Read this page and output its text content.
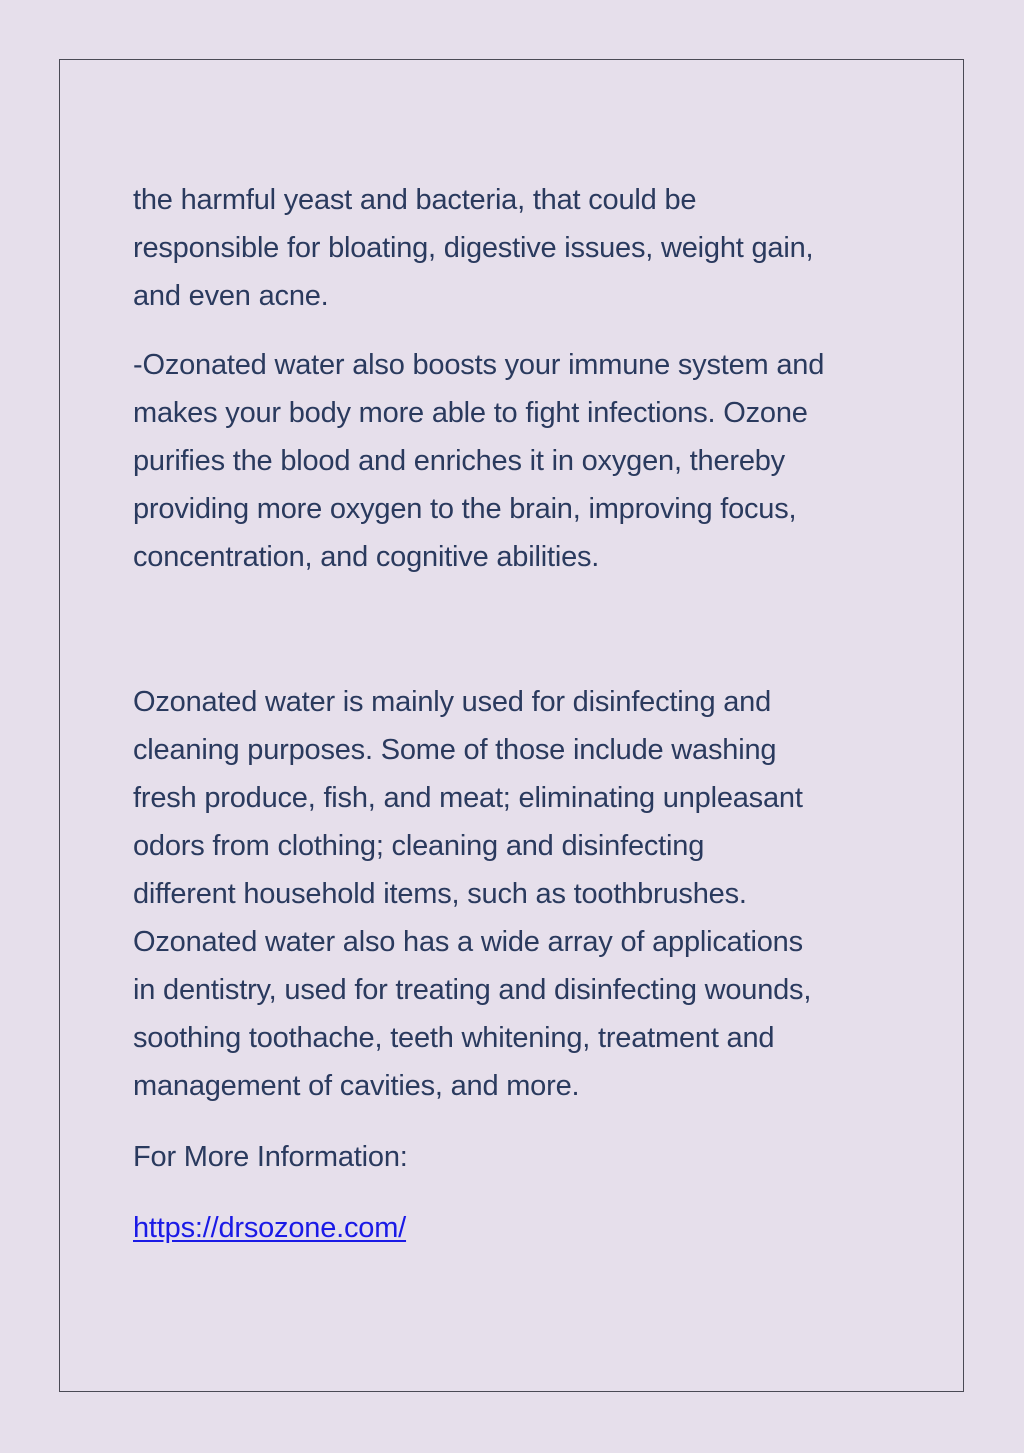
the harmful yeast and bacteria, that could be
responsible for bloating, digestive issues, weight gain,
and even acne.

-Ozonated water also boosts your immune system and
makes your body more able to fight infections. Ozone
purifies the blood and enriches it in oxygen, thereby
providing more oxygen to the brain, improving focus,
concentration, and cognitive abilities.

Ozonated water is mainly used for disinfecting and
cleaning purposes. Some of those include washing
fresh produce, fish, and meat; eliminating unpleasant
odors from clothing; cleaning and disinfecting
different household items, such as toothbrushes.
Ozonated water also has a wide array of applications
in dentistry, used for treating and disinfecting wounds,
soothing toothache, teeth whitening, treatment and
management of cavities, and more.

For More Information:

https://drsozone.com/
